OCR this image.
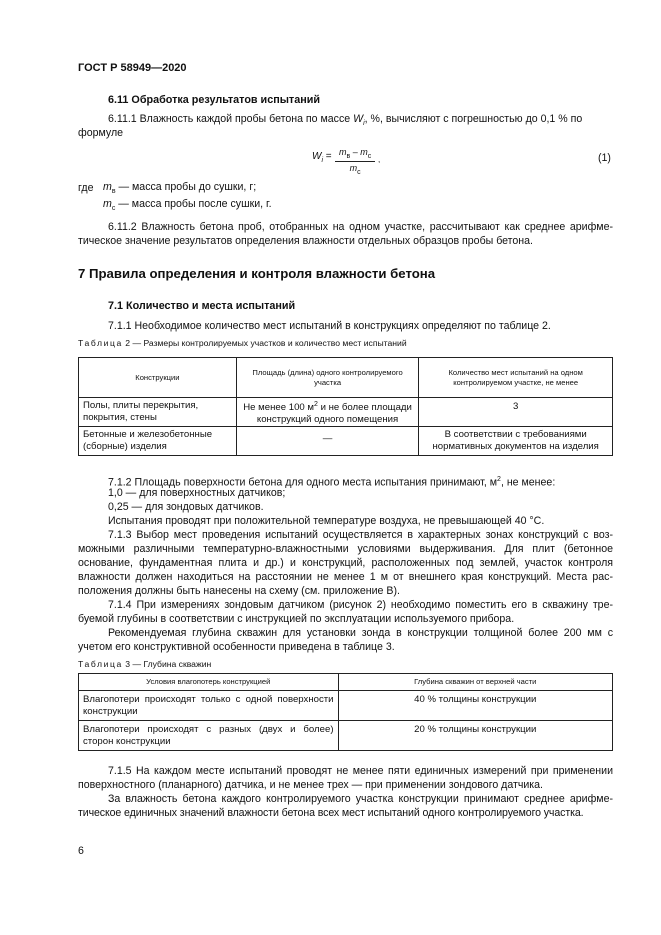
ГОСТ Р 58949—2020
6.11 Обработка результатов испытаний
6.11.1 Влажность каждой пробы бетона по массе $W_i$, %, вычисляют с погрешностью до 0,1 % по
формуле
$W_i = m_в - m_c$
$m_c$
,	(1)
где $m_в$ — масса пробы до сушки, г;
$m_c$ — масса пробы после сушки, г.
6.11.2 Влажность бетона проб, отобранных на одном участке, рассчитывают как среднее арифме-
тическое значение результатов определения влажности отдельных образцов пробы бетона.
7 Правила определения и контроля влажности бетона
7.1 Количество и места испытаний
7.1.1 Необходимое количество мест испытаний в конструкциях определяют по таблице 2.
Таблица 2 — Размеры контролируемых участков и количество мест испытаний
Конструкции	Площадь (длина) одного контролируемого участка	Количество мест испытаний на одном контролируемом участке, не менее
Полы, плиты перекрытия, покрытия, стены	Не менее 100 $м^2$ и не более площади конструкций одного помещения	3
Бетонные и железобетонные (сборные) изделия	—	В соответствии с требованиями нормативных документов на изделия
7.1.2 Площадь поверхности бетона для одного места испытания принимают, $м^2$, не менее:
1,0 — для поверхностных датчиков;
0,25 — для зондовых датчиков.
Испытания проводят при положительной температуре воздуха, не превышающей 40 °С.
7.1.3 Выбор мест проведения испытаний осуществляется в характерных зонах конструкций с воз-
можными различными температурно-влажностными условиями выдерживания. Для плит (бетонное
основание, фундаментная плита и др.) и конструкций, расположенных под землей, участок контроля
влажности должен находиться на расстоянии не менее 1 м от внешнего края конструкций. Места рас-
положения должны быть нанесены на схему (см. приложение В).
7.1.4 При измерениях зондовым датчиком (рисунок 2) необходимо поместить его в скважину тре-
буемой глубины в соответствии с инструкцией по эксплуатации используемого прибора.
Рекомендуемая глубина скважин для установки зонда в конструкции толщиной более 200 мм с
учетом его конструктивной особенности приведена в таблице 3.
Таблица 3 — Глубина скважин
Условия влагопотерь конструкцией	Глубина скважин от верхней части
Влагопотери происходят только с одной поверхности конструкции	40 % толщины конструкции
Влагопотери происходят с разных (двух и более) сторон конструкции	20 % толщины конструкции
7.1.5 На каждом месте испытаний проводят не менее пяти единичных измерений при применении
поверхностного (планарного) датчика, и не менее трех — при применении зондового датчика.
За влажность бетона каждого контролируемого участка конструкции принимают среднее арифме-
тическое единичных значений влажности бетона всех мест испытаний одного контролируемого участка.
6
